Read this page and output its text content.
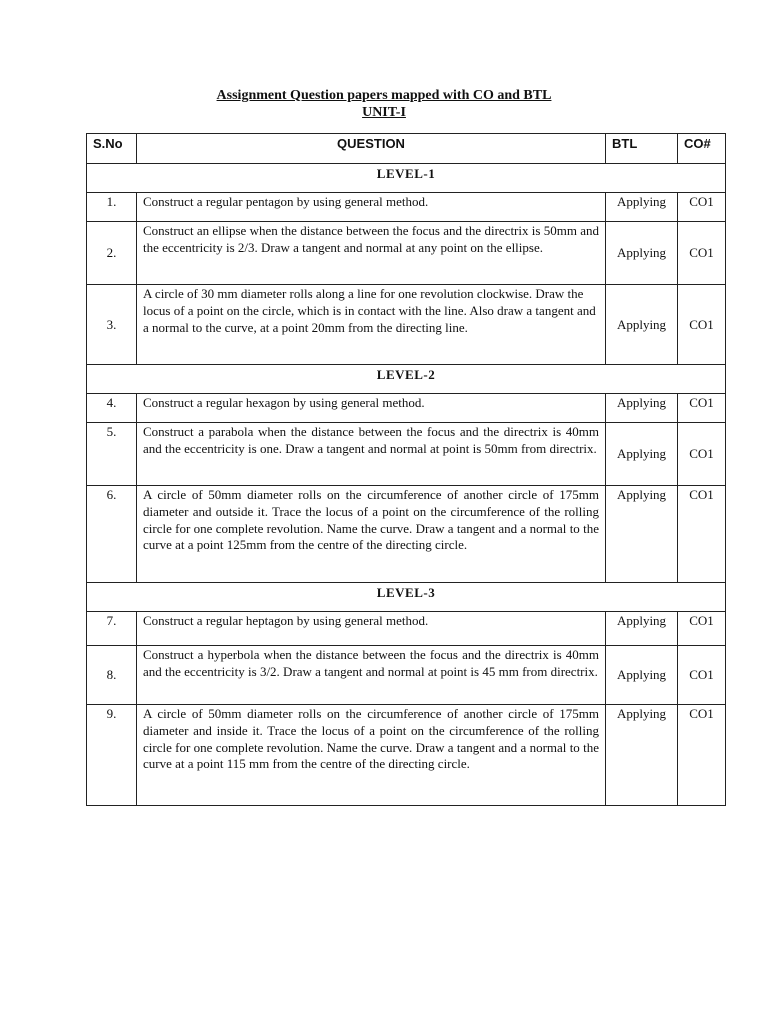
Assignment Question papers mapped with CO and BTL
UNIT-I
S.No	QUESTION	BTL	CO#
LEVEL-1			
1.	Construct a regular pentagon by using general method.	Applying	CO1
2.	Construct an ellipse when the distance between the focus and the directrix is 50mm and the eccentricity is 2/3. Draw a tangent and normal at any point on the ellipse.	Applying	CO1
3.	A circle of 30 mm diameter rolls along a line for one revolution clockwise. Draw the locus of a point on the circle, which is in contact with the line. Also draw a tangent and a normal to the curve, at a point 20mm from the directing line.	Applying	CO1
LEVEL-2			
4.	Construct a regular hexagon by using general method.	Applying	CO1
5.	Construct a parabola when the distance between the focus and the directrix is 40mm and the eccentricity is one. Draw a tangent and normal at point is 50mm from directrix.	Applying	CO1
6.	A circle of 50mm diameter rolls on the circumference of another circle of 175mm diameter and outside it. Trace the locus of a point on the circumference of the rolling circle for one complete revolution. Name the curve. Draw a tangent and a normal to the curve at a point 125mm from the centre of the directing circle.	Applying	CO1
LEVEL-3			
7.	Construct a regular heptagon by using general method.	Applying	CO1
8.	Construct a hyperbola when the distance between the focus and the directrix is 40mm and the eccentricity is 3/2. Draw a tangent and normal at point is 45 mm from directrix.	Applying	CO1
9.	A circle of 50mm diameter rolls on the circumference of another circle of 175mm diameter and inside it. Trace the locus of a point on the circumference of the rolling circle for one complete revolution. Name the curve. Draw a tangent and a normal to the curve at a point 115 mm from the centre of the directing circle.	Applying	CO1
